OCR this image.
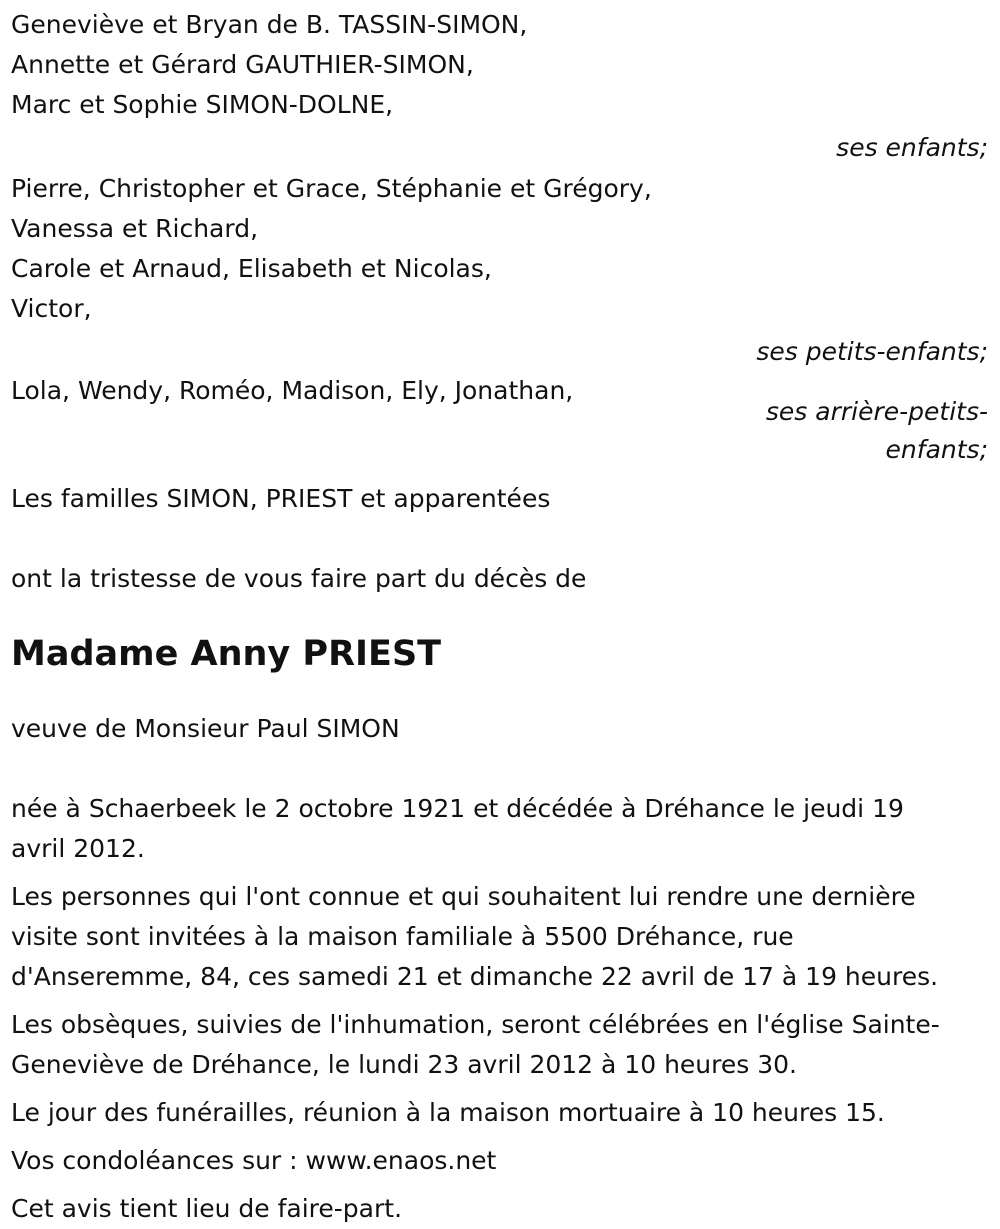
Geneviève et Bryan de B. TASSIN-SIMON,

Annette et Gérard GAUTHIER-SIMON,

Marc et Sophie SIMON-DOLNE,

ses enfants;

Pierre, Christopher et Grace, Stéphanie et Grégory,

Vanessa et Richard,

Carole et Arnaud, Elisabeth et Nicolas,

Victor,

ses petits-enfants;

Lola, Wendy, Roméo, Madison, Ely, Jonathan,

ses arrière-petits-

enfants;

Les familles SIMON, PRIEST et apparentées

ont la tristesse de vous faire part du décès de

Madame Anny PRIEST

veuve de Monsieur Paul SIMON

née à Schaerbeek le 2 octobre 1921 et décédée à Dréhance le jeudi 19

avril 2012.

Les personnes qui l'ont connue et qui souhaitent lui rendre une dernière

visite sont invitées à la maison familiale à 5500 Dréhance, rue

d'Anseremme, 84, ces samedi 21 et dimanche 22 avril de 17 à 19 heures.

Les obsèques, suivies de l'inhumation, seront célébrées en l'église Sainte-

Geneviève de Dréhance, le lundi 23 avril 2012 à 10 heures 30.

Le jour des funérailles, réunion à la maison mortuaire à 10 heures 15.

Vos condoléances sur : www.enaos.net

Cet avis tient lieu de faire-part.
